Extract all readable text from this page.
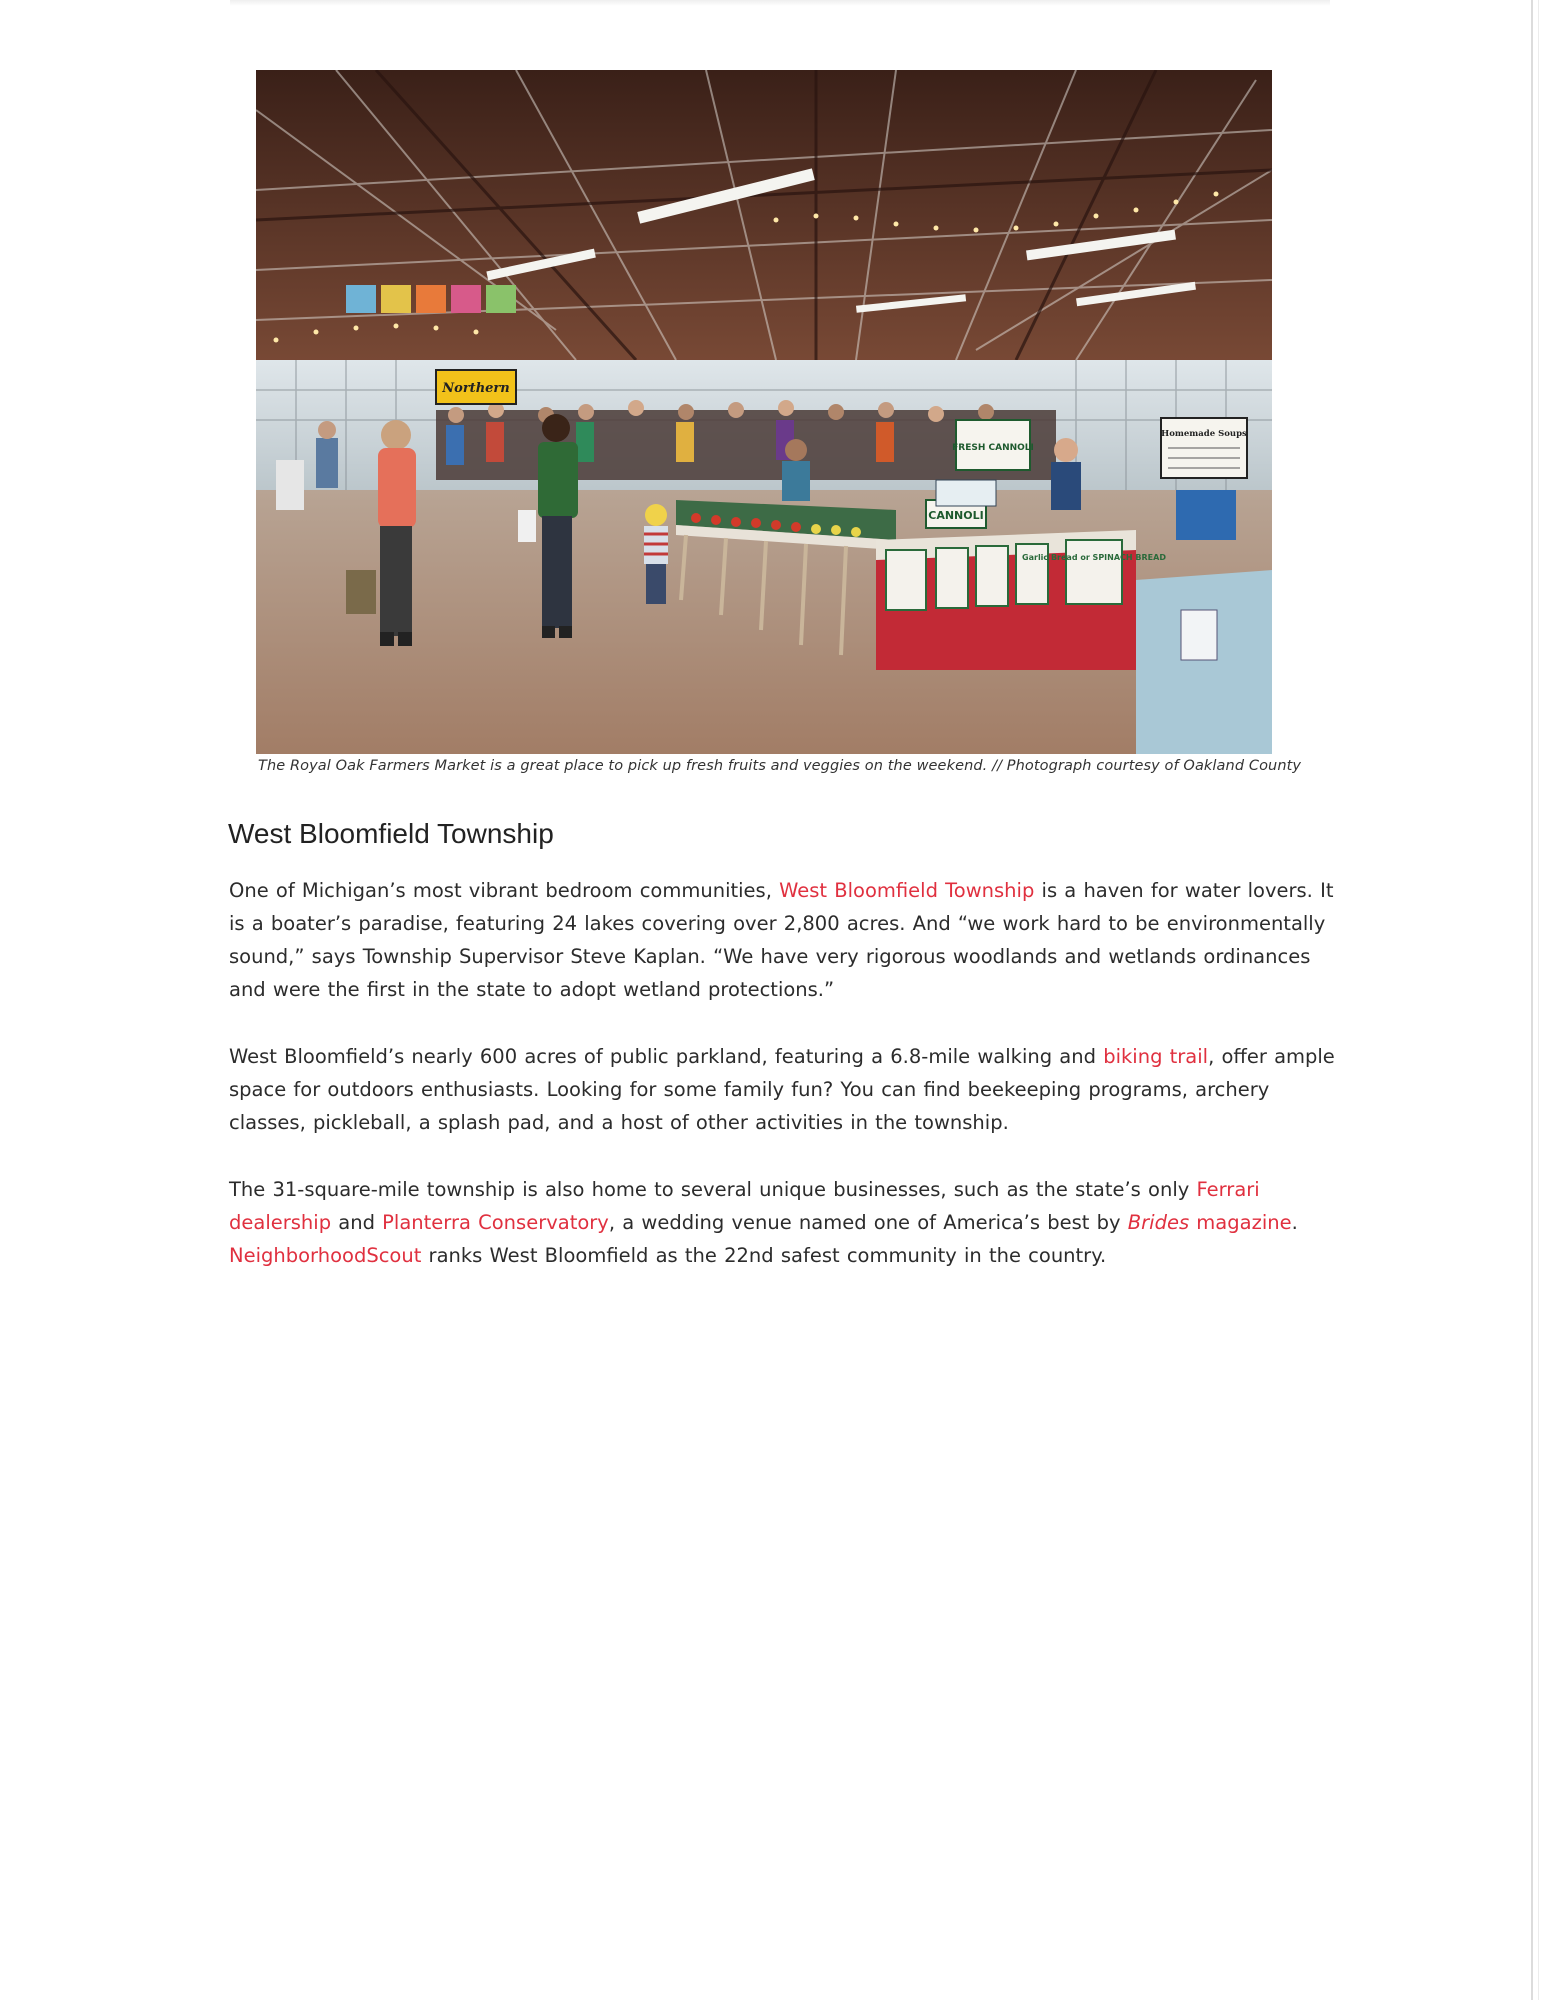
Northern
Garlic Bread or SPINACH BREAD
FRESH CANNOLI
CANNOLI
Homemade Soups
The Royal Oak Farmers Market is a great place to pick up fresh fruits and veggies on the weekend. // Photograph courtesy of Oakland County
West Bloomfield Township

One of Michigan’s most vibrant bedroom communities, West Bloomfield Township is a haven for water lovers. It
is a boater’s paradise, featuring 24 lakes covering over 2,800 acres. And “we work hard to be environmentally
sound,” says Township Supervisor Steve Kaplan. “We have very rigorous woodlands and wetlands ordinances
and were the first in the state to adopt wetland protections.”

West Bloomfield’s nearly 600 acres of public parkland, featuring a 6.8-mile walking and biking trail, offer ample
space for outdoors enthusiasts. Looking for some family fun? You can find beekeeping programs, archery
classes, pickleball, a splash pad, and a host of other activities in the township.

The 31-square-mile township is also home to several unique businesses, such as the state’s only Ferrari
dealership and Planterra Conservatory, a wedding venue named one of America’s best by Brides magazine.
NeighborhoodScout ranks West Bloomfield as the 22nd safest community in the country.
